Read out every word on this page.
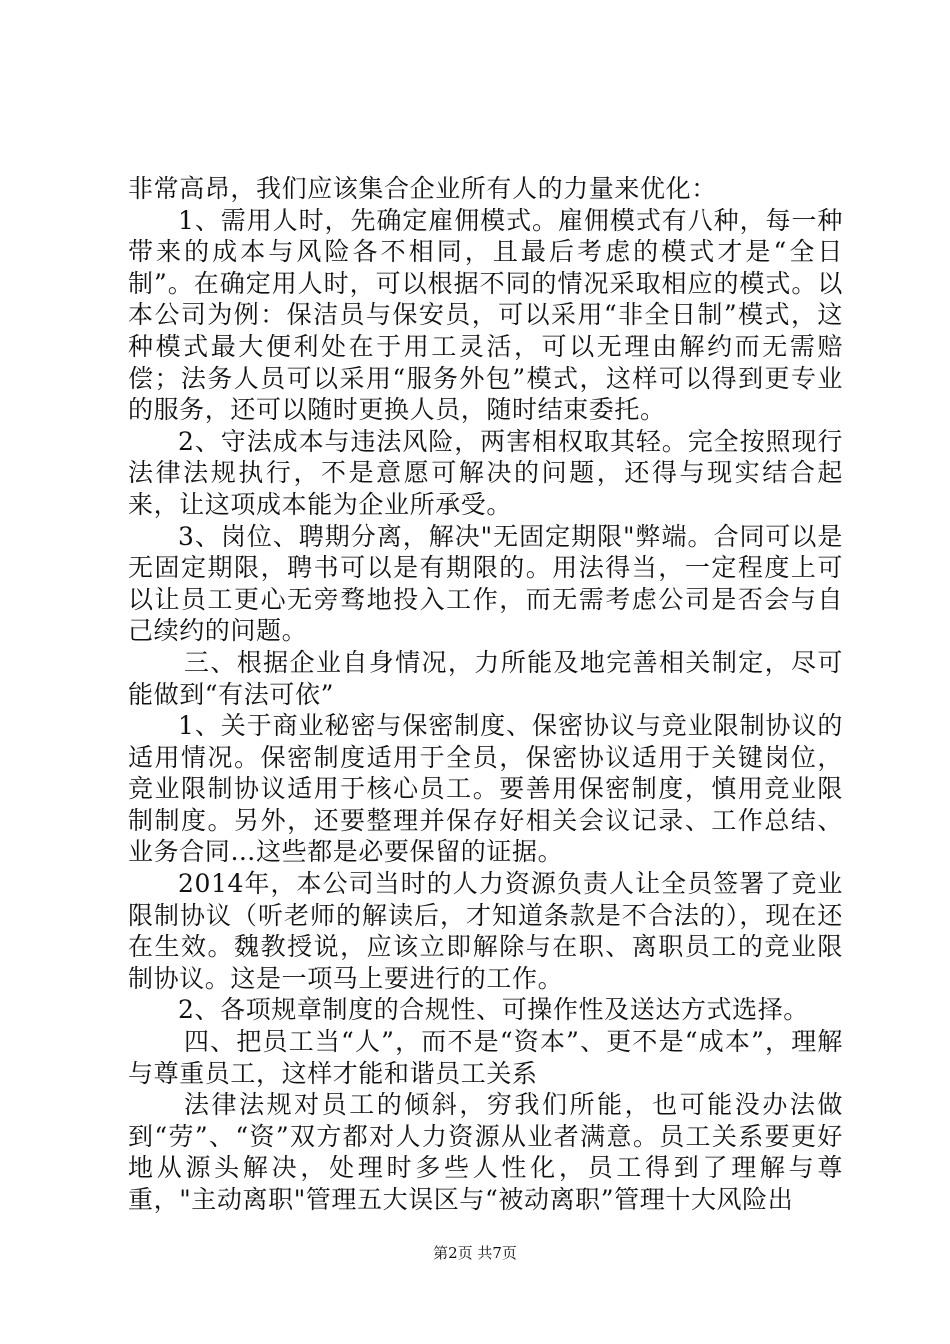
非常高昂，我们应该集合企业所有人的力量来优化：

1、需用人时，先确定雇佣模式。雇佣模式有八种，每一种带来的成本与风险各不相同，且最后考虑的模式才是“全日制”。在确定用人时，可以根据不同的情况采取相应的模式。以本公司为例：保洁员与保安员，可以采用“非全日制”模式，这种模式最大便利处在于用工灵活，可以无理由解约而无需赔偿；法务人员可以采用“服务外包”模式，这样可以得到更专业的服务，还可以随时更换人员，随时结束委托。

2、守法成本与违法风险，两害相权取其轻。完全按照现行法律法规执行，不是意愿可解决的问题，还得与现实结合起来，让这项成本能为企业所承受。

3、岗位、聘期分离，解决"无固定期限"弊端。合同可以是无固定期限，聘书可以是有期限的。用法得当，一定程度上可以让员工更心无旁骛地投入工作，而无需考虑公司是否会与自己续约的问题。

三、根据企业自身情况，力所能及地完善相关制定，尽可能做到“有法可依”

1、关于商业秘密与保密制度、保密协议与竞业限制协议的适用情况。保密制度适用于全员，保密协议适用于关键岗位，竞业限制协议适用于核心员工。要善用保密制度，慎用竞业限制制度。另外，还要整理并保存好相关会议记录、工作总结、业务合同…这些都是必要保留的证据。

2014年，本公司当时的人力资源负责人让全员签署了竞业限制协议（听老师的解读后，才知道条款是不合法的），现在还在生效。魏教授说，应该立即解除与在职、离职员工的竞业限制协议。这是一项马上要进行的工作。

2、各项规章制度的合规性、可操作性及送达方式选择。

四、把员工当“人”，而不是“资本”、更不是“成本”，理解与尊重员工，这样才能和谐员工关系

法律法规对员工的倾斜，穷我们所能，也可能没办法做到“劳”、“资”双方都对人力资源从业者满意。员工关系要更好地从源头解决，处理时多些人性化，员工得到了理解与尊重，"主动离职"管理五大误区与“被动离职”管理十大风险出

第2页 共7页
